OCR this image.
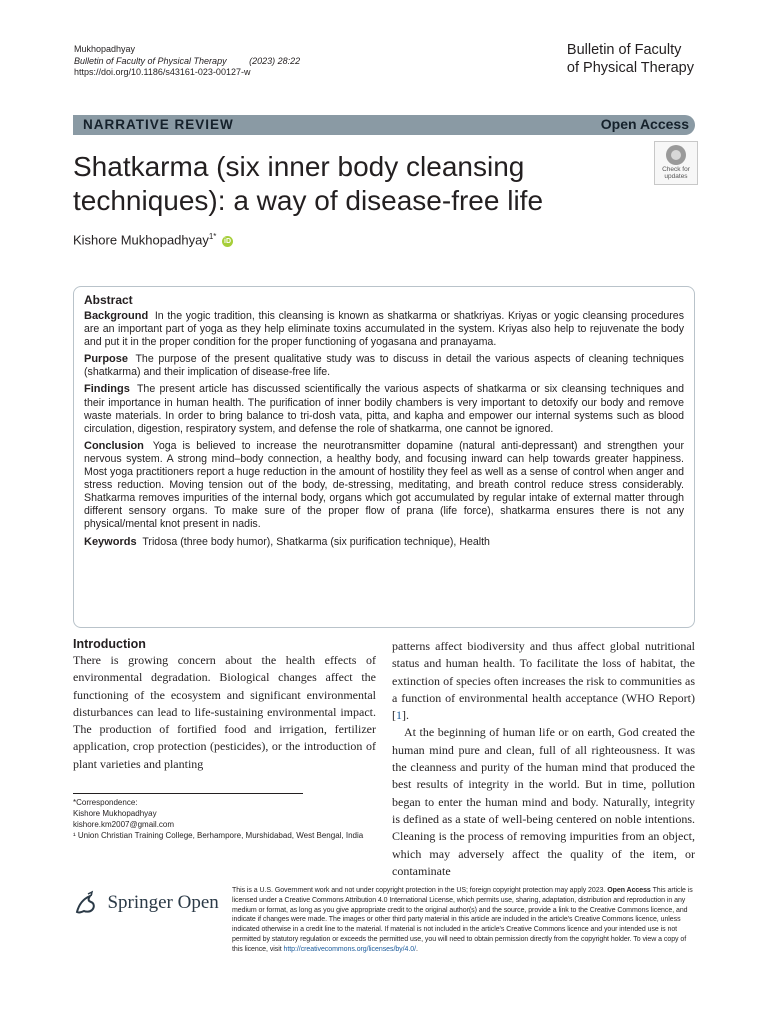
Mukhopadhyay
Bulletin of Faculty of Physical Therapy	(2023) 28:22
https://doi.org/10.1186/s43161-023-00127-w
Bulletin of Faculty
of Physical Therapy
NARRATIVE REVIEW	Open Access
Shatkarma (six inner body cleansing techniques): a way of disease-free life
Check for
updates
Kishore Mukhopadhyay$^{1*}$ iD
Abstract

Background In the yogic tradition, this cleansing is known as shatkarma or shatkriyas. Kriyas or yogic cleansing procedures are an important part of yoga as they help eliminate toxins accumulated in the system. Kriyas also help to rejuvenate the body and put it in the proper condition for the proper functioning of yogasana and pranayama.

Purpose The purpose of the present qualitative study was to discuss in detail the various aspects of cleaning techniques (shatkarma) and their implication of disease-free life.

Findings The present article has discussed scientifically the various aspects of shatkarma or six cleansing techniques and their importance in human health. The purification of inner bodily chambers is very important to detoxify our body and remove waste materials. In order to bring balance to tri-dosh vata, pitta, and kapha and empower our internal systems such as blood circulation, digestion, respiratory system, and defense the role of shatkarma, one cannot be ignored.

Conclusion Yoga is believed to increase the neurotransmitter dopamine (natural anti-depressant) and strengthen your nervous system. A strong mind–body connection, a healthy body, and focusing inward can help towards greater happiness. Most yoga practitioners report a huge reduction in the amount of hostility they feel as well as a sense of control when anger and stress reduction. Moving tension out of the body, de-stressing, meditating, and breath control reduce stress considerably. Shatkarma removes impurities of the internal body, organs which got accumulated by regular intake of external matter through different sensory organs. To make sure of the proper flow of prana (life force), shatkarma ensures there is not any physical/mental knot present in nadis.

Keywords Tridosa (three body humor), Shatkarma (six purification technique), Health

Introduction

There is growing concern about the health effects of environmental degradation. Biological changes affect the functioning of the ecosystem and significant environmental disturbances can lead to life-sustaining environmental impact. The production of fortified food and irrigation, fertilizer application, crop protection (pesticides), or the introduction of plant varieties and planting

patterns affect biodiversity and thus affect global nutritional status and human health. To facilitate the loss of habitat, the extinction of species often increases the risk to communities as a function of environmental health acceptance (WHO Report) [1].

At the beginning of human life or on earth, God created the human mind pure and clean, full of all righteousness. It was the cleanness and purity of the human mind that produced the best results of integrity in the world. But in time, pollution began to enter the human mind and body. Naturally, integrity is defined as a state of well-being centered on noble intentions. Cleaning is the process of removing impurities from an object, which may adversely affect the quality of the item, or contaminate

*Correspondence:
Kishore Mukhopadhyay
kishore.km2007@gmail.com
¹ Union Christian Training College, Berhampore, Murshidabad, West Bengal, India
Springer Open
This is a U.S. Government work and not under copyright protection in the US; foreign copyright protection may apply 2023. Open Access This article is licensed under a Creative Commons Attribution 4.0 International License, which permits use, sharing, adaptation, distribution and reproduction in any medium or format, as long as you give appropriate credit to the original author(s) and the source, provide a link to the Creative Commons licence, and indicate if changes were made. The images or other third party material in this article are included in the article's Creative Commons licence, unless indicated otherwise in a credit line to the material. If material is not included in the article's Creative Commons licence and your intended use is not permitted by statutory regulation or exceeds the permitted use, you will need to obtain permission directly from the copyright holder. To view a copy of this licence, visit http://creativecommons.org/licenses/by/4.0/.
